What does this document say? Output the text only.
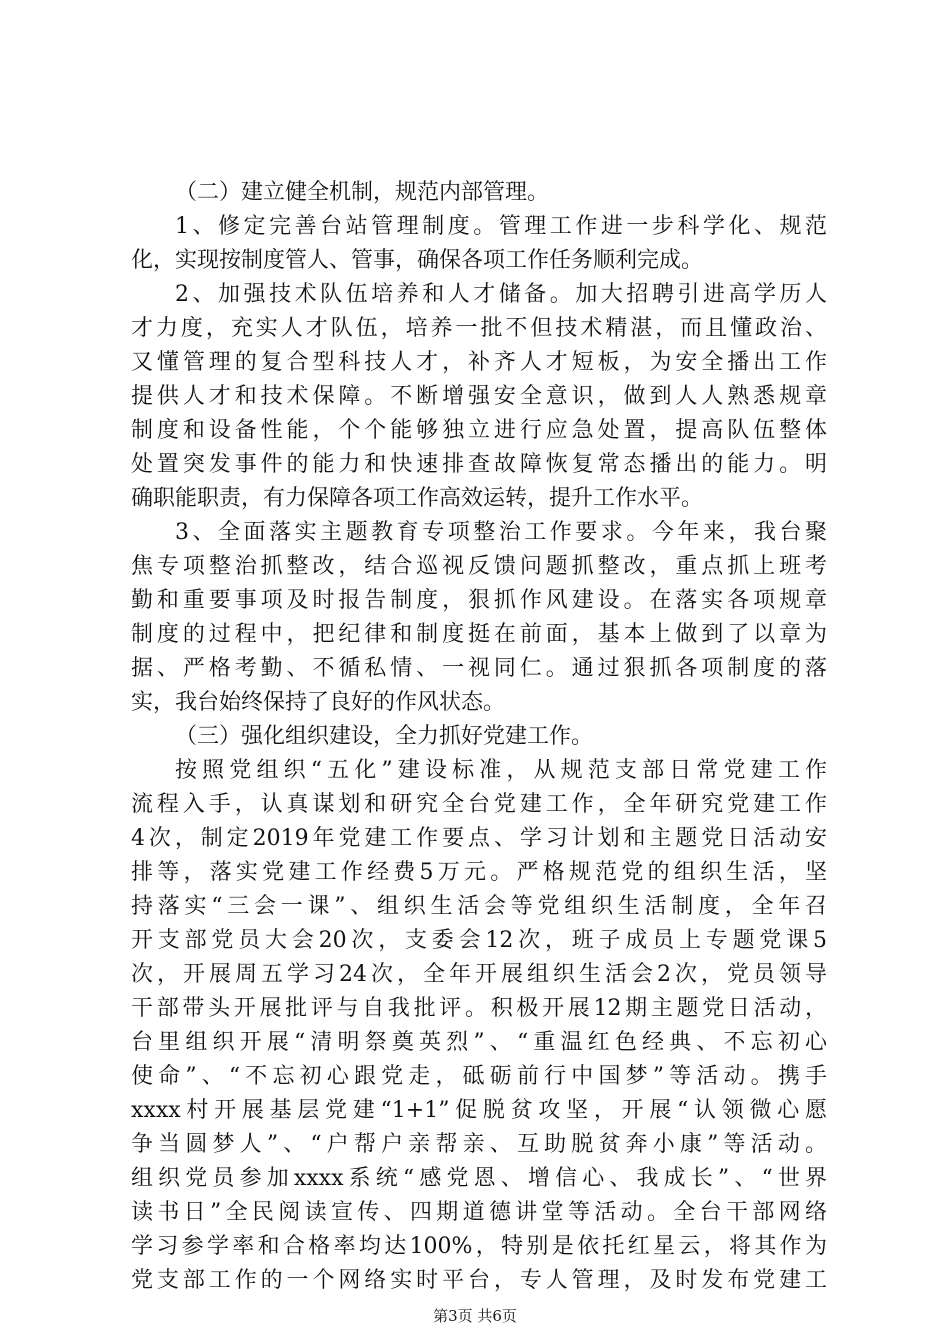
（二）建立健全机制，规范内部管理。
1、修定完善台站管理制度。管理工作进一步科学化、规范
化，实现按制度管人、管事，确保各项工作任务顺利完成。
2、加强技术队伍培养和人才储备。加大招聘引进高学历人
才力度，充实人才队伍，培养一批不但技术精湛，而且懂政治、
又懂管理的复合型科技人才，补齐人才短板，为安全播出工作
提供人才和技术保障。不断增强安全意识，做到人人熟悉规章
制度和设备性能，个个能够独立进行应急处置，提高队伍整体
处置突发事件的能力和快速排查故障恢复常态播出的能力。明
确职能职责，有力保障各项工作高效运转，提升工作水平。
3、全面落实主题教育专项整治工作要求。今年来，我台聚
焦专项整治抓整改，结合巡视反馈问题抓整改，重点抓上班考
勤和重要事项及时报告制度，狠抓作风建设。在落实各项规章
制度的过程中，把纪律和制度挺在前面，基本上做到了以章为
据、严格考勤、不循私情、一视同仁。通过狠抓各项制度的落
实，我台始终保持了良好的作风状态。
（三）强化组织建设，全力抓好党建工作。
按照党组织“五化”建设标准，从规范支部日常党建工作
流程入手，认真谋划和研究全台党建工作，全年研究党建工作
4次，制定2019年党建工作要点、学习计划和主题党日活动安
排等，落实党建工作经费5万元。严格规范党的组织生活，坚
持落实“三会一课”、组织生活会等党组织生活制度，全年召
开支部党员大会20次，支委会12次，班子成员上专题党课5
次，开展周五学习24次，全年开展组织生活会2次，党员领导
干部带头开展批评与自我批评。积极开展12期主题党日活动，
台里组织开展“清明祭奠英烈”、“重温红色经典、不忘初心
使命”、“不忘初心跟党走，砥砺前行中国梦”等活动。携手
xxxx村开展基层党建“1+1”促脱贫攻坚，开展“认领微心愿
争当圆梦人”、“户帮户亲帮亲、互助脱贫奔小康”等活动。
组织党员参加xxxx系统“感党恩、增信心、我成长”、“世界
读书日”全民阅读宣传、四期道德讲堂等活动。全台干部网络
学习参学率和合格率均达100%，特别是依托红星云，将其作为
党支部工作的一个网络实时平台，专人管理，及时发布党建工
第3页 共6页
